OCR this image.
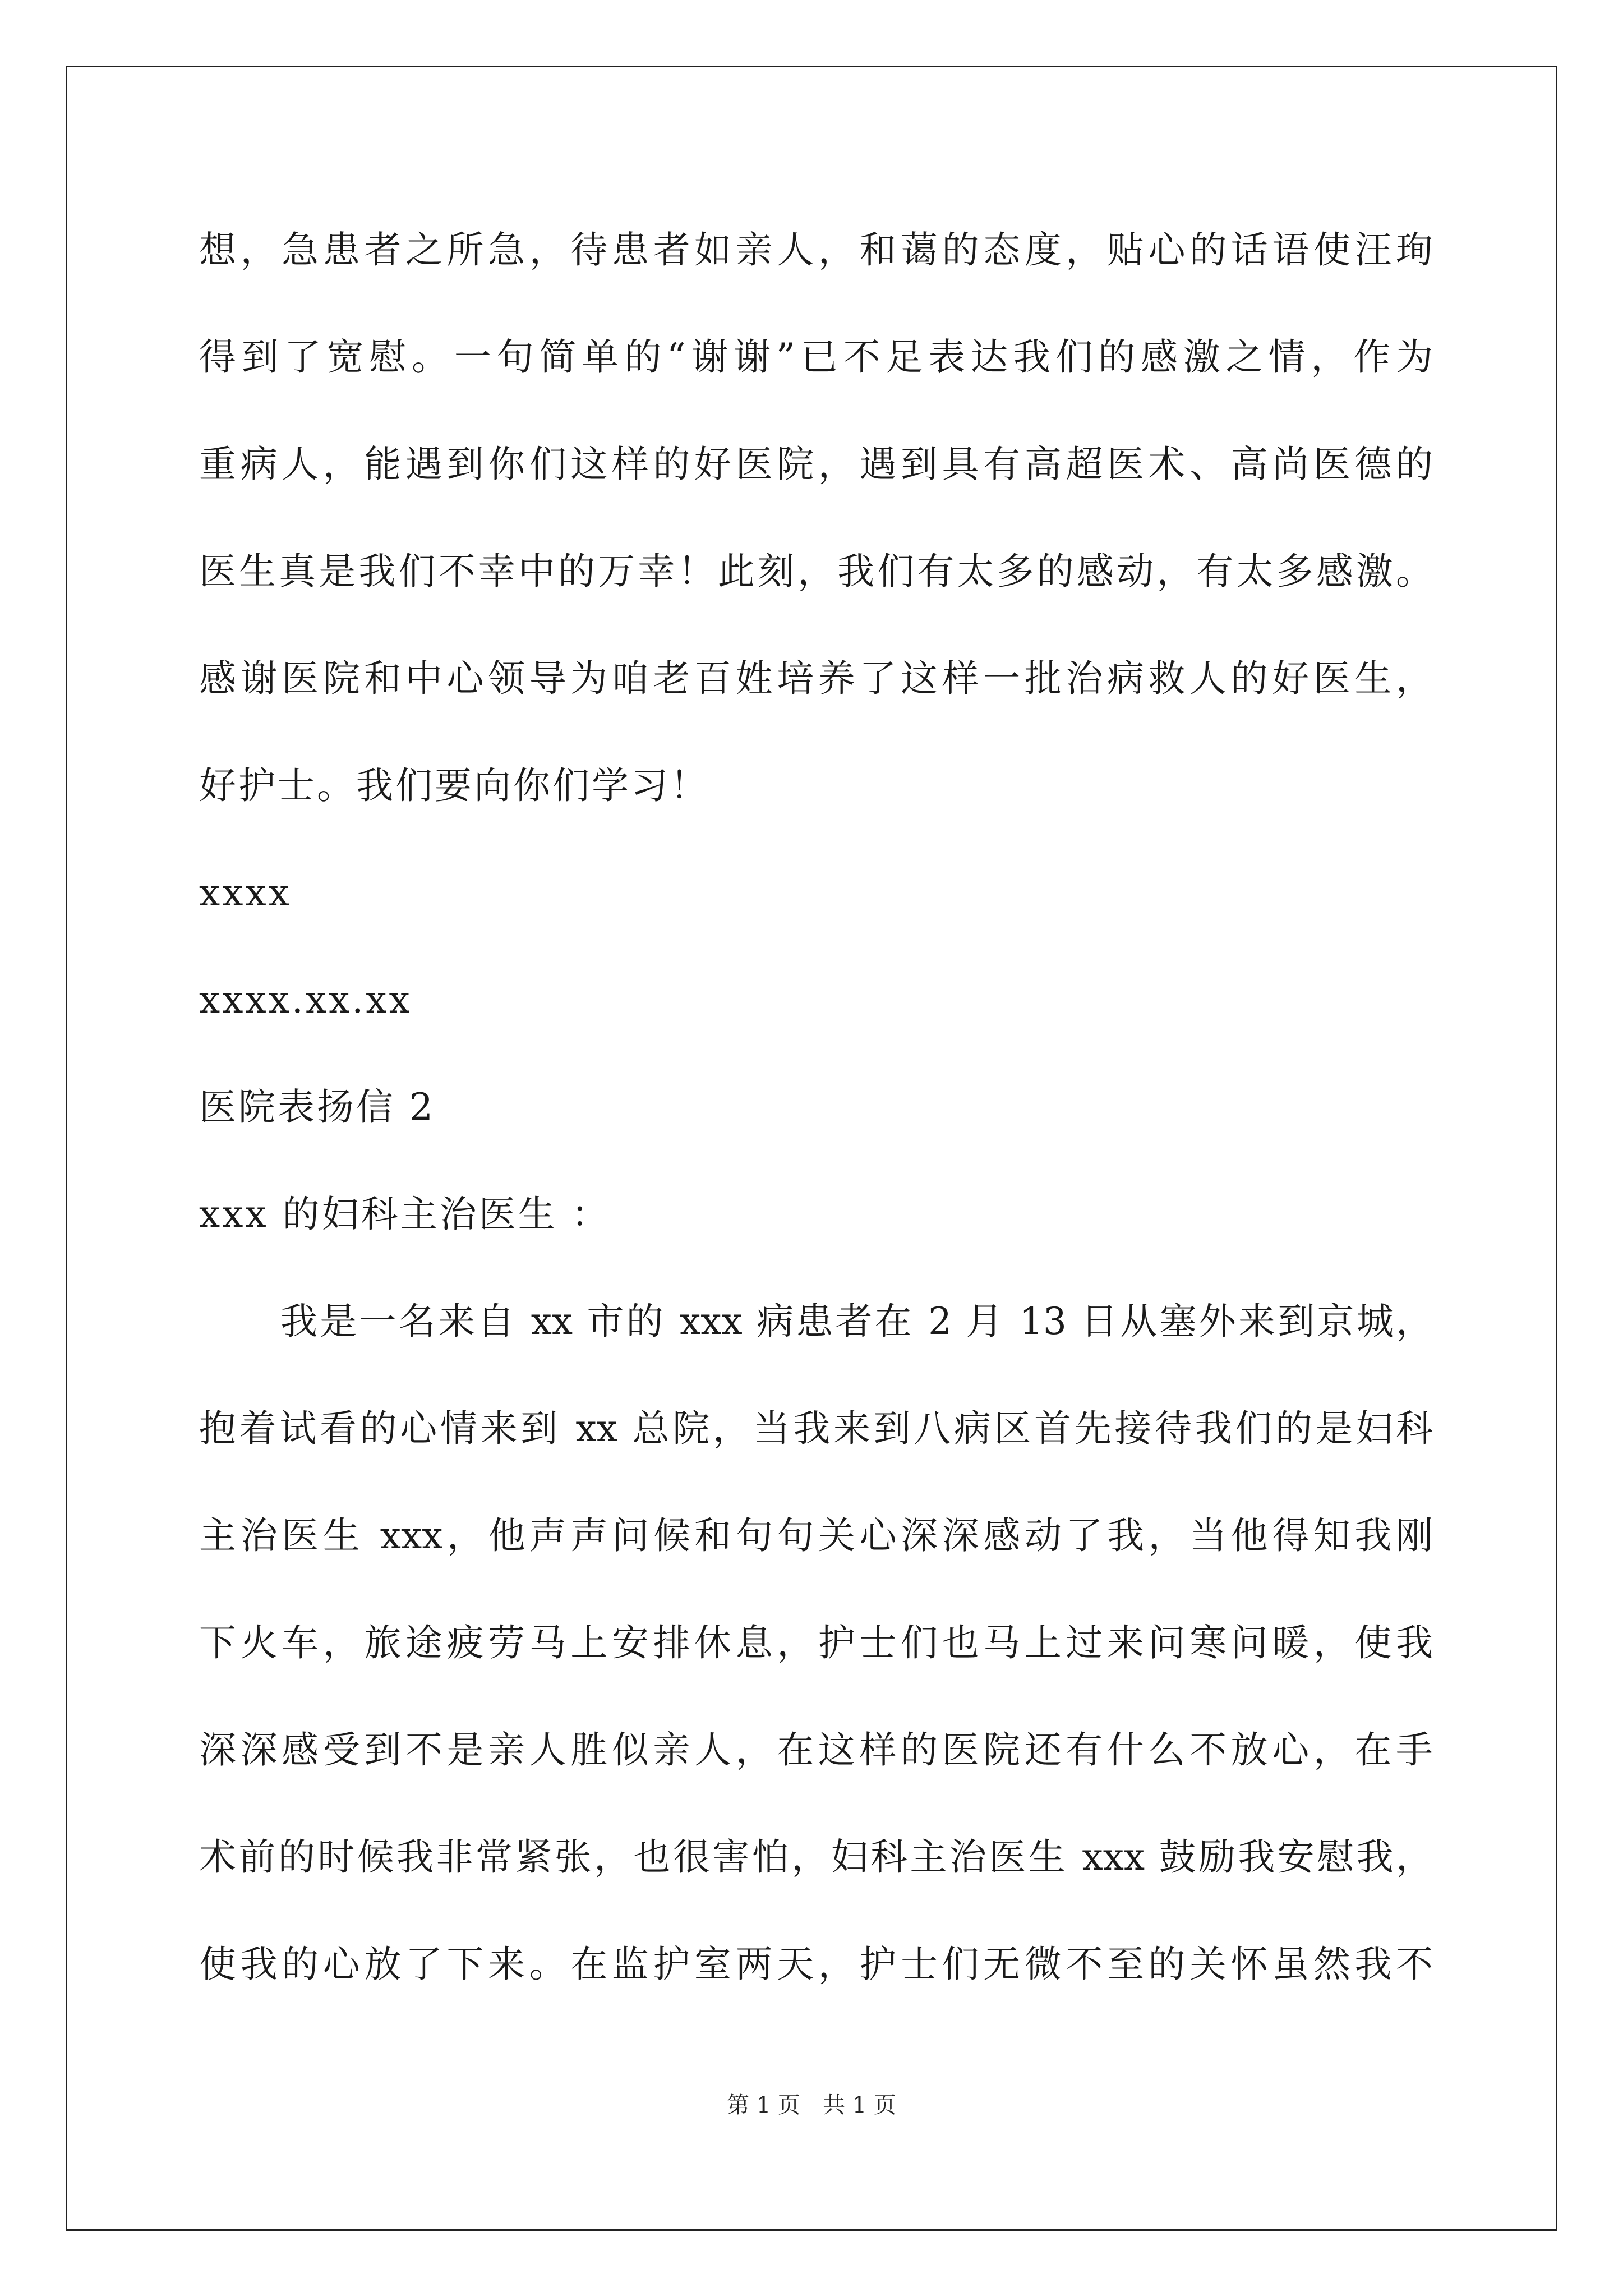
想，急患者之所急，待患者如亲人，和蔼的态度，贴心的话语使汪珣
得到了宽慰。一句简单的“谢谢”已不足表达我们的感激之情，作为
重病人，能遇到你们这样的好医院，遇到具有高超医术、高尚医德的
医生真是我们不幸中的万幸！此刻，我们有太多的感动，有太多感激。
感谢医院和中心领导为咱老百姓培养了这样一批治病救人的好医生，
好护士。我们要向你们学习！
xxxx
xxxx.xx.xx
医院表扬信 2
xxx 的妇科主治医生 ：
我是一名来自 xx 市的 xxx 病患者在 2 月 13 日从塞外来到京城，
抱着试看的心情来到 xx 总院，当我来到八病区首先接待我们的是妇科
主治医生 xxx，他声声问候和句句关心深深感动了我，当他得知我刚
下火车，旅途疲劳马上安排休息，护士们也马上过来问寒问暖，使我
深深感受到不是亲人胜似亲人，在这样的医院还有什么不放心，在手
术前的时候我非常紧张，也很害怕，妇科主治医生 xxx 鼓励我安慰我，
使我的心放了下来。在监护室两天，护士们无微不至的关怀虽然我不
第 1 页　共 1 页
